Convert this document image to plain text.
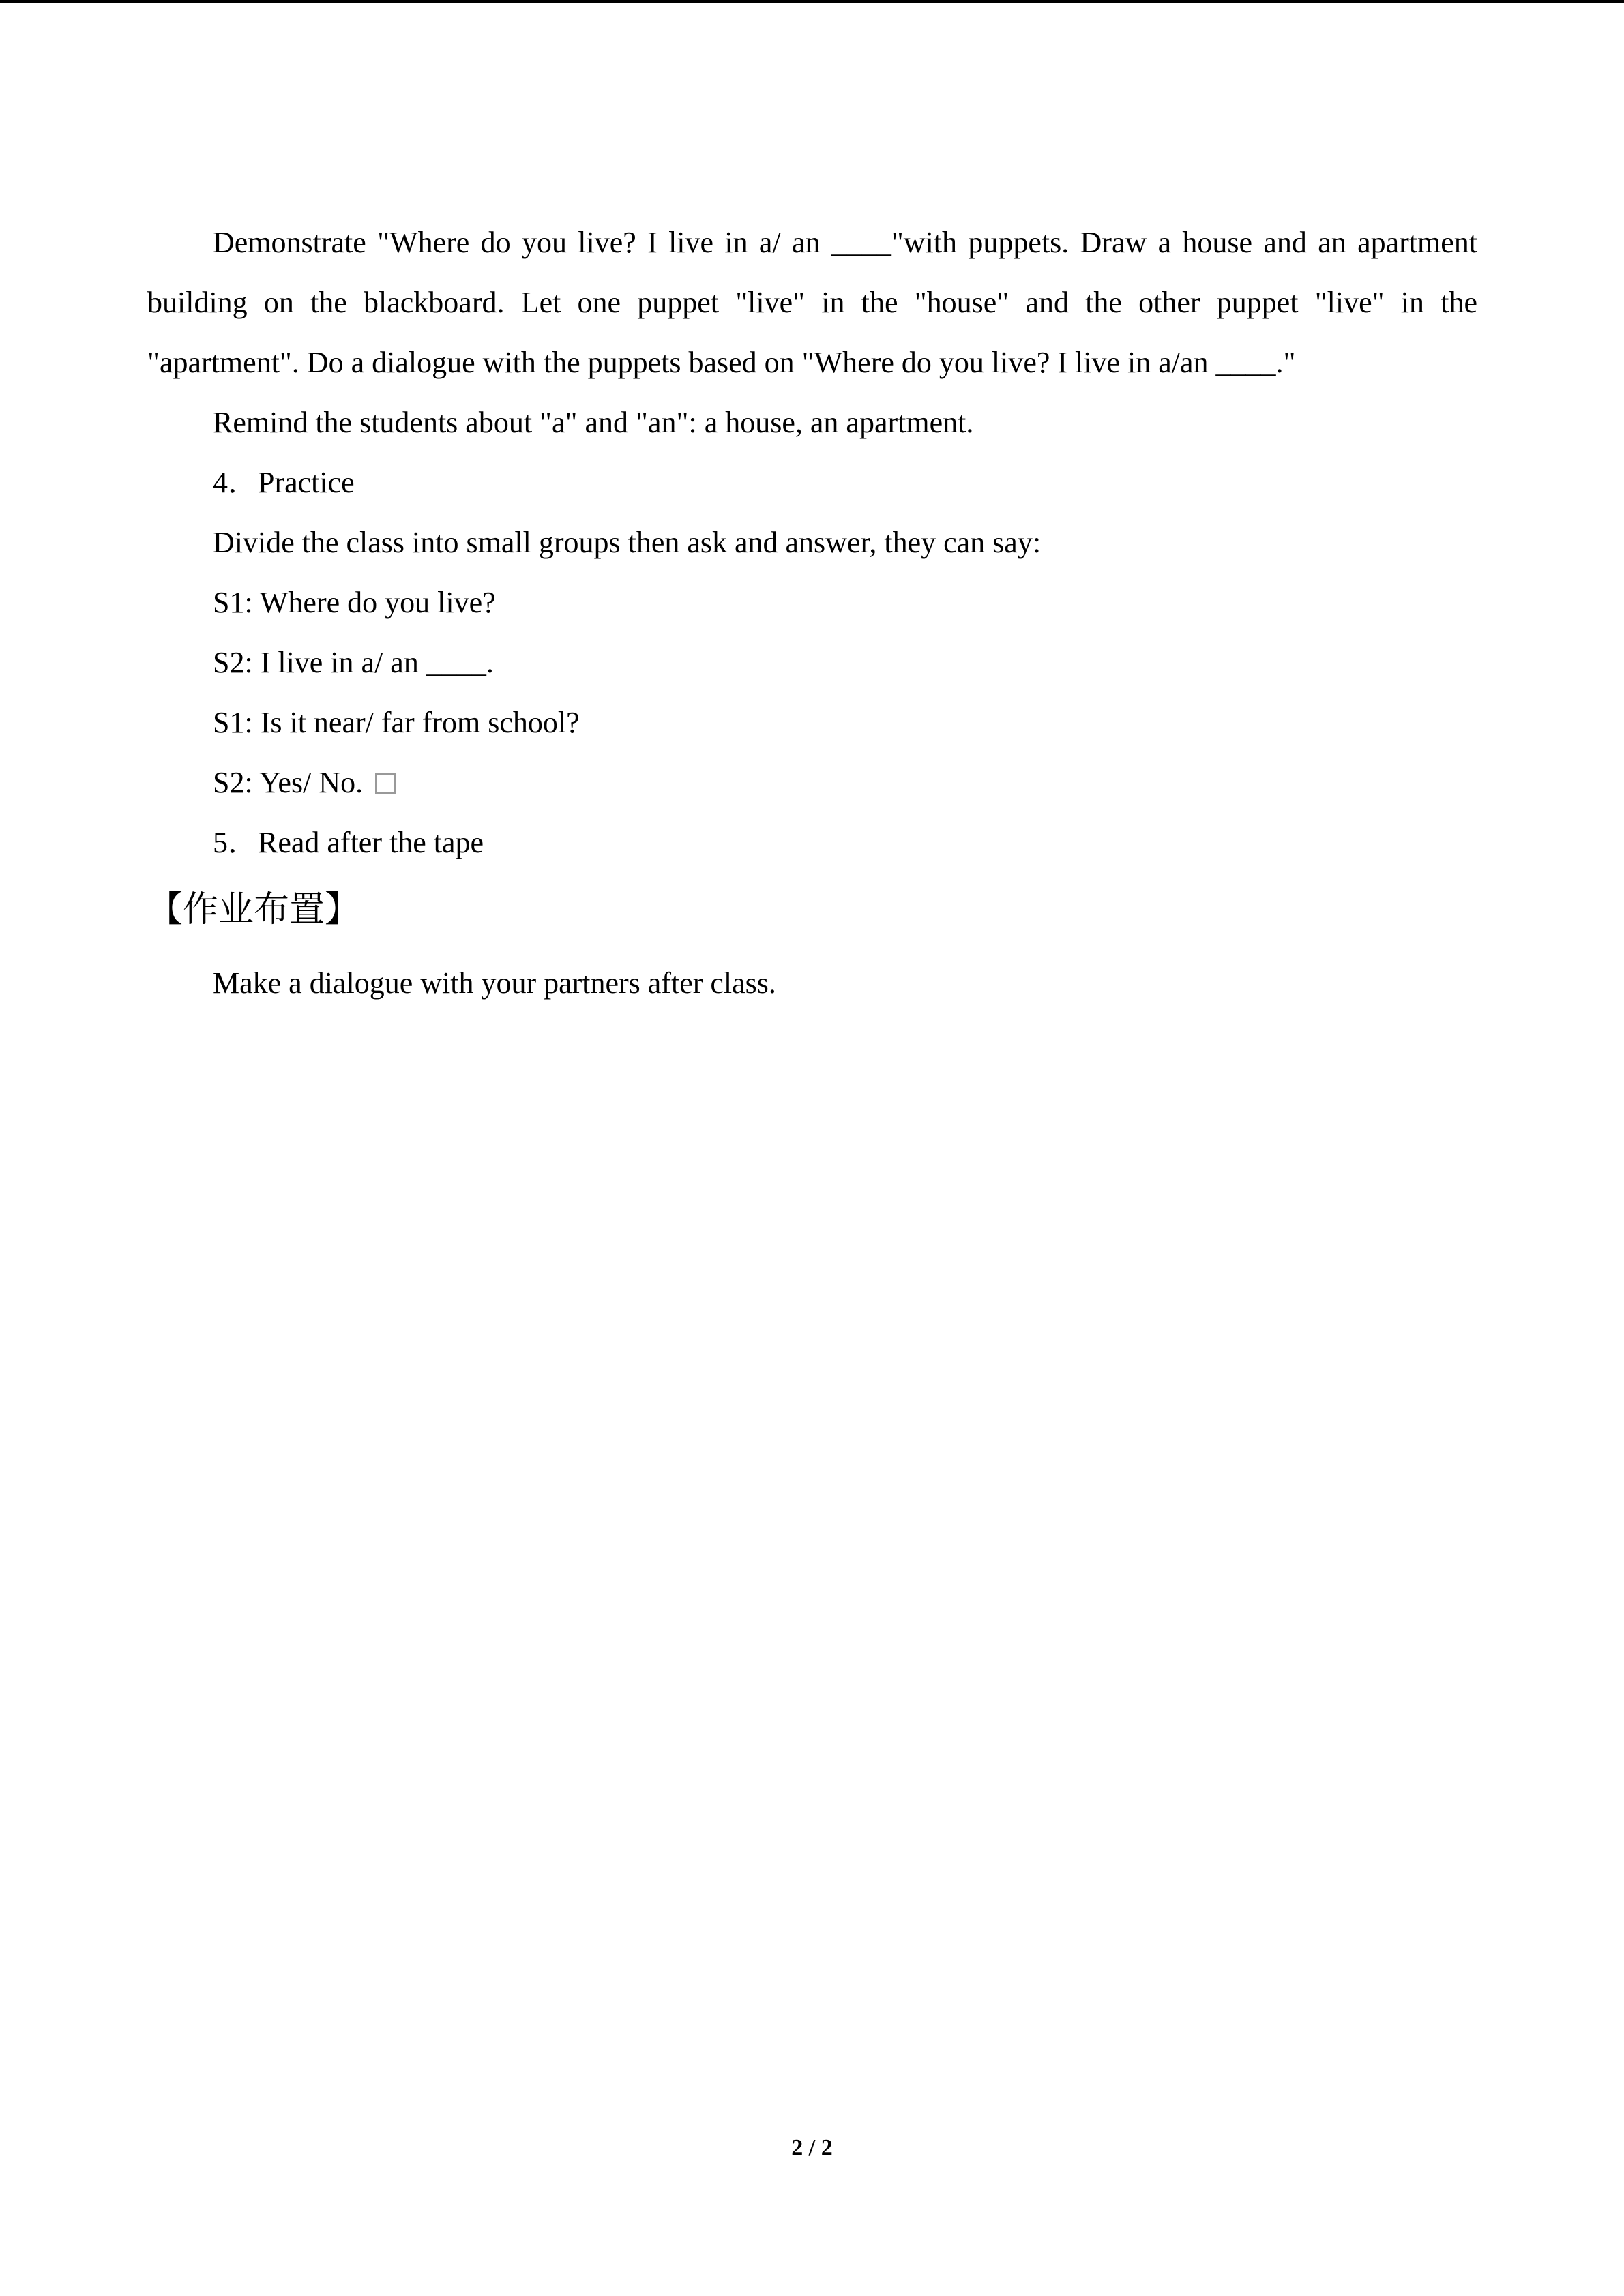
Demonstrate "Where do you live? I live in a/ an ____"with puppets. Draw a house and an apartment building on the blackboard. Let one puppet "live" in the "house" and the other puppet "live" in the "apartment". Do a dialogue with the puppets based on "Where do you live? I live in a/an ____."

Remind the students about "a" and "an": a house, an apartment.

4．Practice

Divide the class into small groups then ask and answer, they can say:

S1: Where do you live?

S2: I live in a/ an ____.

S1: Is it near/ far from school?

S2: Yes/ No.

5．Read after the tape

【作业布置】

Make a dialogue with your partners after class.

2 / 2
